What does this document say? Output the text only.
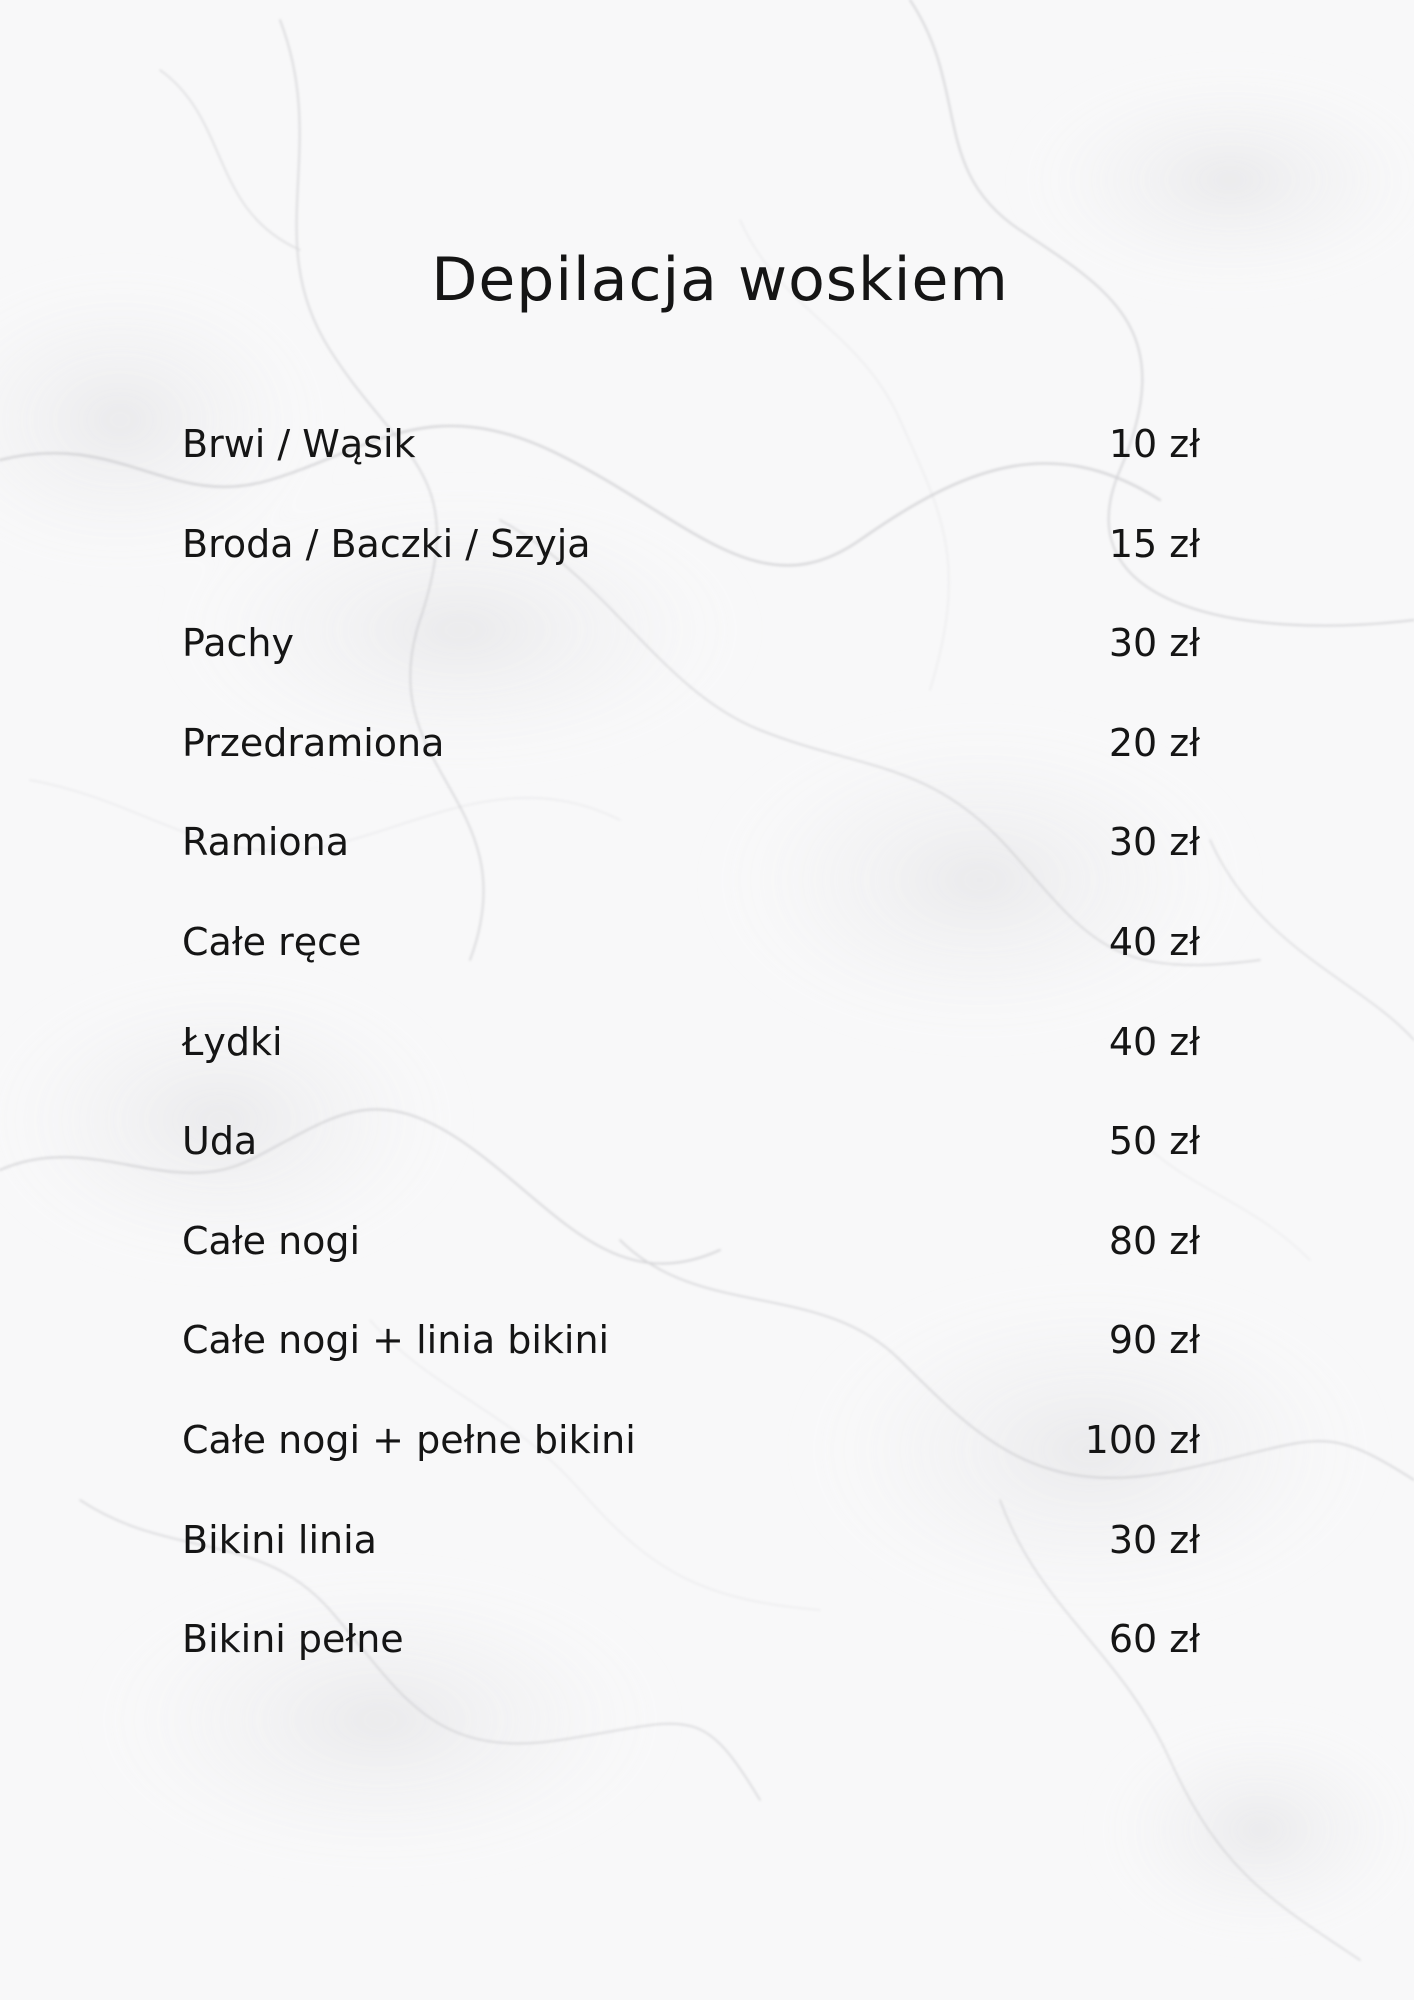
Depilacja woskiem
Brwi / Wąsik	10 zł
Broda / Baczki / Szyja	15 zł
Pachy	30 zł
Przedramiona	20 zł
Ramiona	30 zł
Całe ręce	40 zł
Łydki	40 zł
Uda	50 zł
Całe nogi	80 zł
Całe nogi + linia bikini	90 zł
Całe nogi + pełne bikini	100 zł
Bikini linia	30 zł
Bikini pełne	60 zł
